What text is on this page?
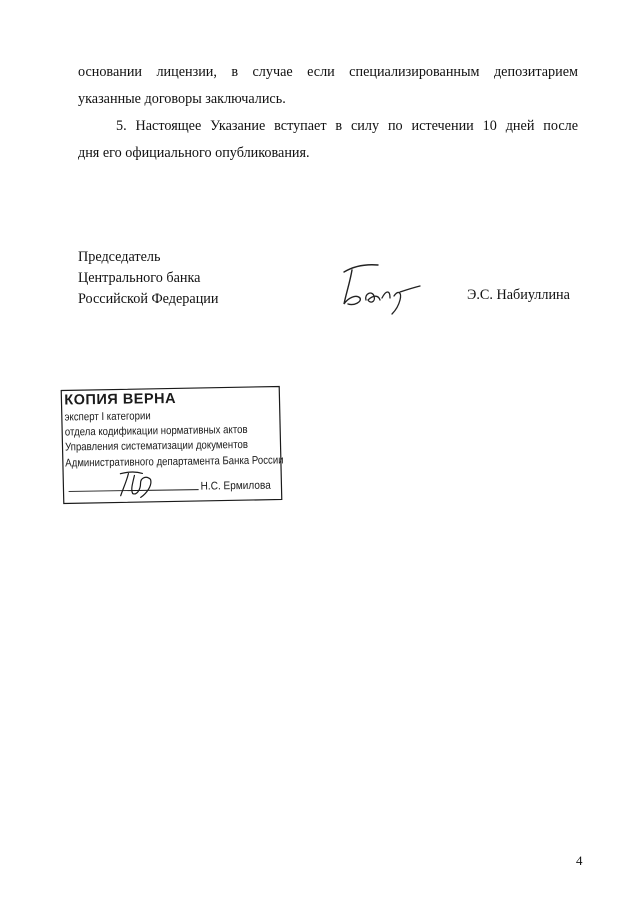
основании лицензии, в случае если специализированным депозитарием
указанные договоры заключались.

5. Настоящее Указание вступает в силу по истечении 10 дней после
дня его официального опубликования.

Председатель
Центрального банка
Российской Федерации	Э.С. Набиуллина
КОПИЯ ВЕРНА
эксперт I категории
отдела кодификации нормативных актов
Управления систематизации документов
Административного департамента Банка России
Н.С. Ермилова
4
